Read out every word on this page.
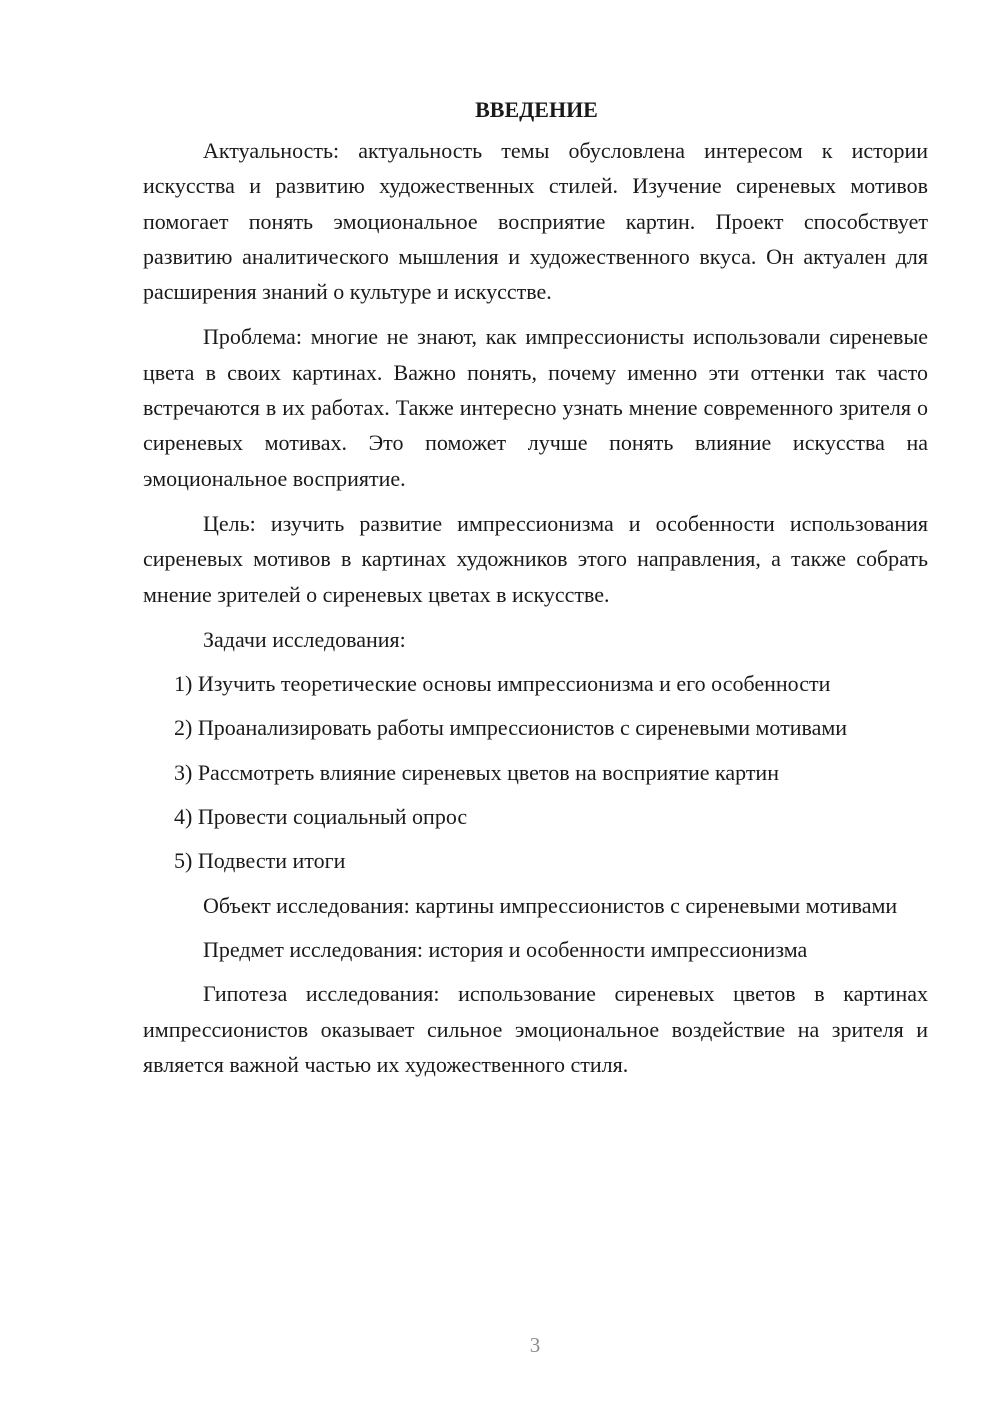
ВВЕДЕНИЕ

Актуальность: актуальность темы обусловлена интересом к истории искусства и развитию художественных стилей. Изучение сиреневых мотивов помогает понять эмоциональное восприятие картин. Проект способствует развитию аналитического мышления и художественного вкуса. Он актуален для расширения знаний о культуре и искусстве.

Проблема: многие не знают, как импрессионисты использовали сиреневые цвета в своих картинах. Важно понять, почему именно эти оттенки так часто встречаются в их работах. Также интересно узнать мнение современного зрителя о сиреневых мотивах. Это поможет лучше понять влияние искусства на эмоциональное восприятие.

Цель: изучить развитие импрессионизма и особенности использования сиреневых мотивов в картинах художников этого направления, а также собрать мнение зрителей о сиреневых цветах в искусстве.

Задачи исследования:

1) Изучить теоретические основы импрессионизма и его особенности

2) Проанализировать работы импрессионистов с сиреневыми мотивами

3) Рассмотреть влияние сиреневых цветов на восприятие картин

4) Провести социальный опрос

5) Подвести итоги

Объект исследования: картины импрессионистов с сиреневыми мотивами

Предмет исследования: история и особенности импрессионизма

Гипотеза исследования: использование сиреневых цветов в картинах импрессионистов оказывает сильное эмоциональное воздействие на зрителя и является важной частью их художественного стиля.

3
